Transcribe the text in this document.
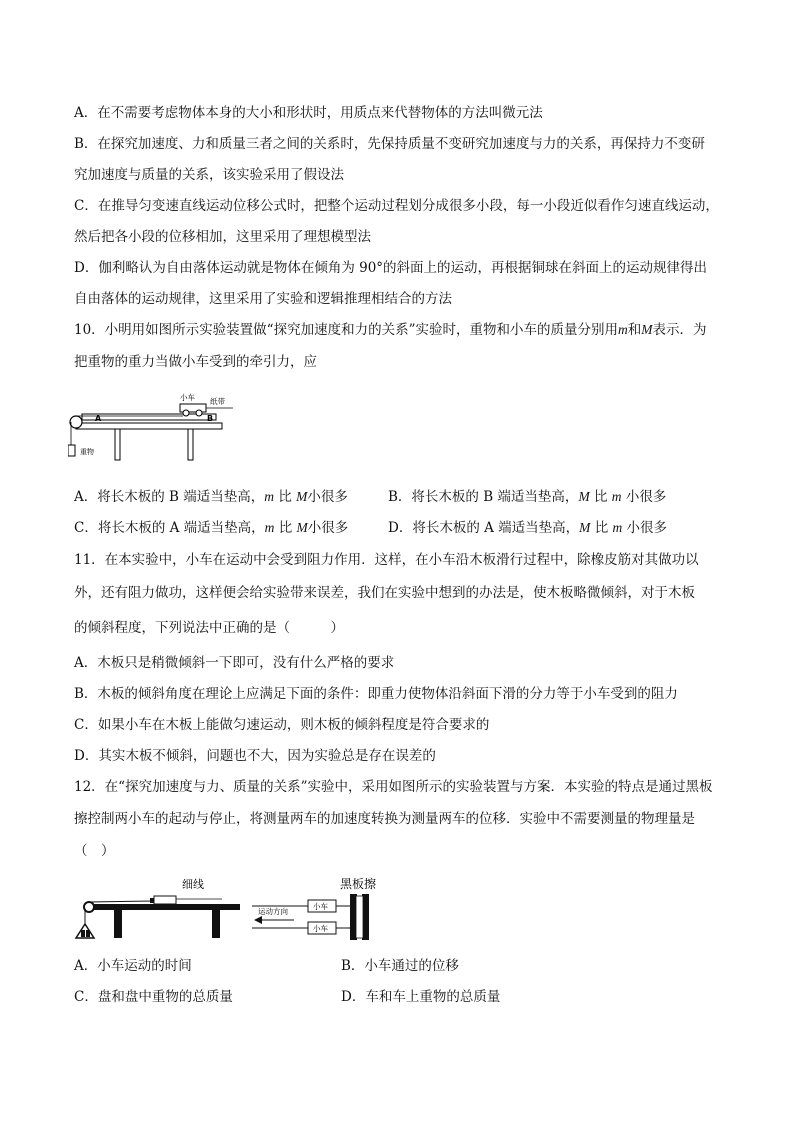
A．在不需要考虑物体本身的大小和形状时，用质点来代替物体的方法叫微元法
B．在探究加速度、力和质量三者之间的关系时，先保持质量不变研究加速度与力的关系，再保持力不变研
究加速度与质量的关系，该实验采用了假设法
C．在推导匀变速直线运动位移公式时，把整个运动过程划分成很多小段，每一小段近似看作匀速直线运动，
然后把各小段的位移相加，这里采用了理想模型法
D．伽利略认为自由落体运动就是物体在倾角为 90°的斜面上的运动，再根据铜球在斜面上的运动规律得出
自由落体的运动规律，这里采用了实验和逻辑推理相结合的方法
10．小明用如图所示实验装置做“探究加速度和力的关系”实验时，重物和小车的质量分别用m和M表示．为
把重物的重力当做小车受到的牵引力，应
A	B
小车 纸带
重物
A．将长木板的 B 端适当垫高，m 比 M小很多	B．将长木板的 B 端适当垫高，M 比 m 小很多
C．将长木板的 A 端适当垫高，m 比 M小很多	D．将长木板的 A 端适当垫高，M 比 m 小很多
11．在本实验中，小车在运动中会受到阻力作用．这样，在小车沿木板滑行过程中，除橡皮筋对其做功以
外，还有阻力做功，这样便会给实验带来误差，我们在实验中想到的办法是，使木板略微倾斜，对于木板
的倾斜程度，下列说法中正确的是（　　　）
A．木板只是稍微倾斜一下即可，没有什么严格的要求
B．木板的倾斜角度在理论上应满足下面的条件：即重力使物体沿斜面下滑的分力等于小车受到的阻力
C．如果小车在木板上能做匀速运动，则木板的倾斜程度是符合要求的
D．其实木板不倾斜，问题也不大，因为实验总是存在误差的
12．在“探究加速度与力、质量的关系”实验中，采用如图所示的实验装置与方案．本实验的特点是通过黑板
擦控制两小车的起动与停止，将测量两车的加速度转换为测量两车的位移．实验中不需要测量的物理量是
（　）
细线
小车
小车
黑板擦
运动方向
A．小车运动的时间	B．小车通过的位移
C．盘和盘中重物的总质量	D．车和车上重物的总质量
